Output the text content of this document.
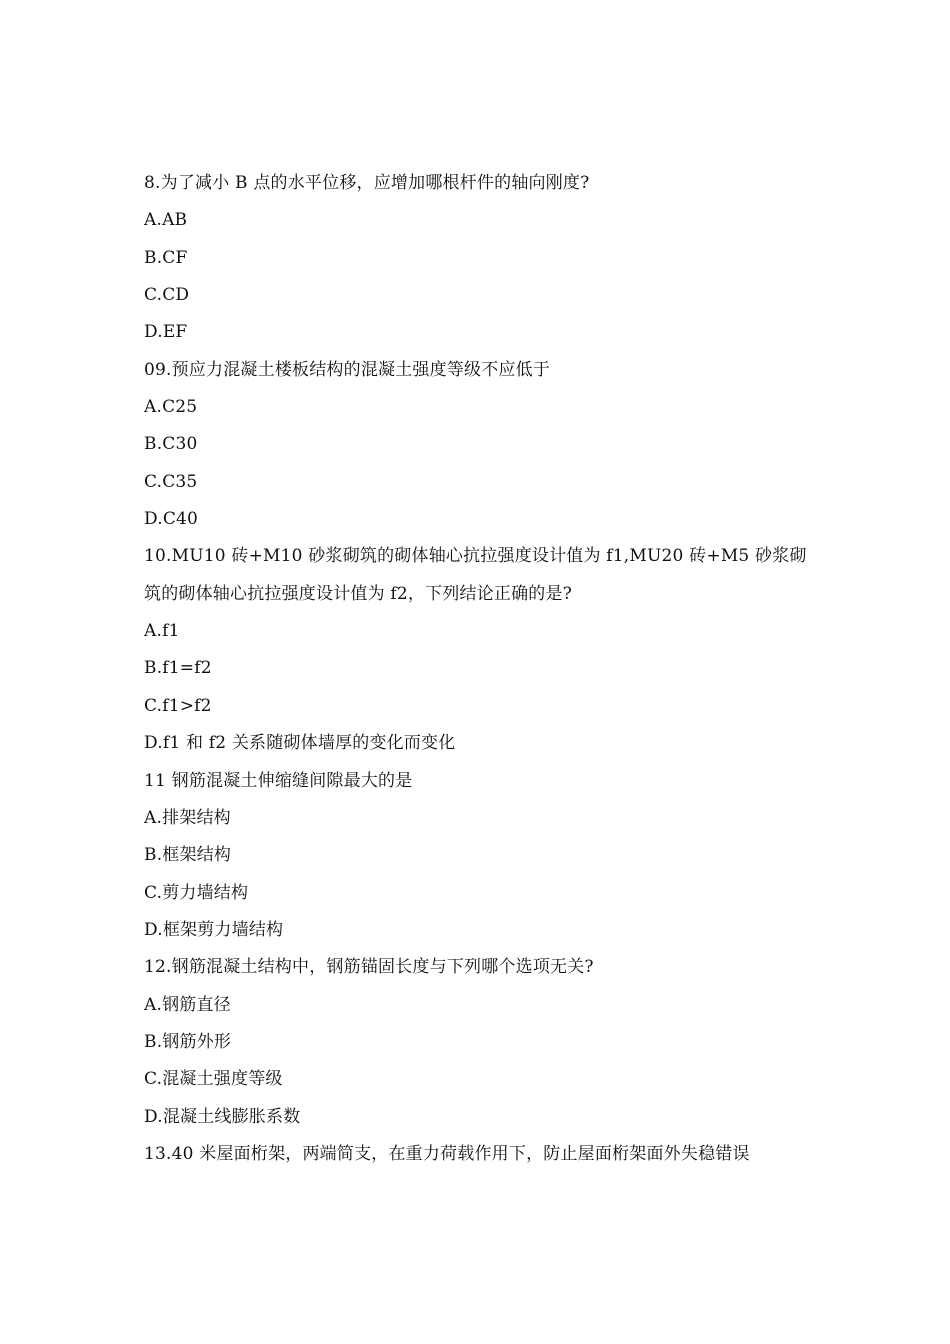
8.为了减小 B 点的水平位移，应增加哪根杆件的轴向刚度?
A.AB
B.CF
C.CD
D.EF
09.预应力混凝土楼板结构的混凝土强度等级不应低于
A.C25
B.C30
C.C35
D.C40
10.MU10 砖+M10 砂浆砌筑的砌体轴心抗拉强度设计值为 f1,MU20 砖+M5 砂浆砌
筑的砌体轴心抗拉强度设计值为 f2，下列结论正确的是?
A.f1
B.f1=f2
C.f1>f2
D.f1 和 f2 关系随砌体墙厚的变化而变化
11 钢筋混凝土伸缩缝间隙最大的是
A.排架结构
B.框架结构
C.剪力墙结构
D.框架剪力墙结构
12.钢筋混凝土结构中，钢筋锚固长度与下列哪个选项无关?
A.钢筋直径
B.钢筋外形
C.混凝土强度等级
D.混凝土线膨胀系数
13.40 米屋面桁架，两端简支，在重力荷载作用下，防止屋面桁架面外失稳错误
